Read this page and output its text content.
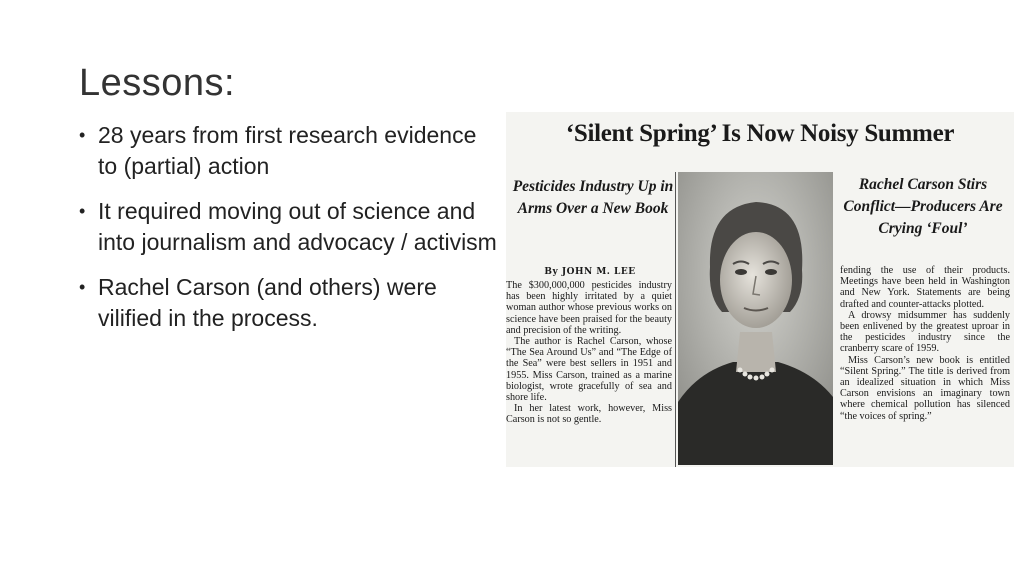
Lessons:
• 28 years from first research evidence to (partial) action
• It required moving out of science and into journalism and advocacy / activism
• Rachel Carson (and others) were vilified in the process.
‘Silent Spring’ Is Now Noisy Summer
Pesticides Industry Up in Arms Over a New Book
Rachel Carson Stirs Conflict—Producers Are Crying ‘Foul’
By JOHN M. LEE

The $300,000,000 pesticides industry has been highly irritated by a quiet woman author whose previous works on science have been praised for the beauty and precision of the writing.

The author is Rachel Carson, whose “The Sea Around Us” and “The Edge of the Sea” were best sellers in 1951 and 1955. Miss Carson, trained as a marine biologist, wrote gracefully of sea and shore life.

In her latest work, however, Miss Carson is not so gentle.

fending the use of their products. Meetings have been held in Washington and New York. Statements are being drafted and counter-attacks plotted.

A drowsy midsummer has suddenly been enlivened by the greatest uproar in the pesticides industry since the cranberry scare of 1959.

Miss Carson’s new book is entitled “Silent Spring.” The title is derived from an idealized situation in which Miss Carson envisions an imaginary town where chemical pollution has silenced “the voices of spring.”
